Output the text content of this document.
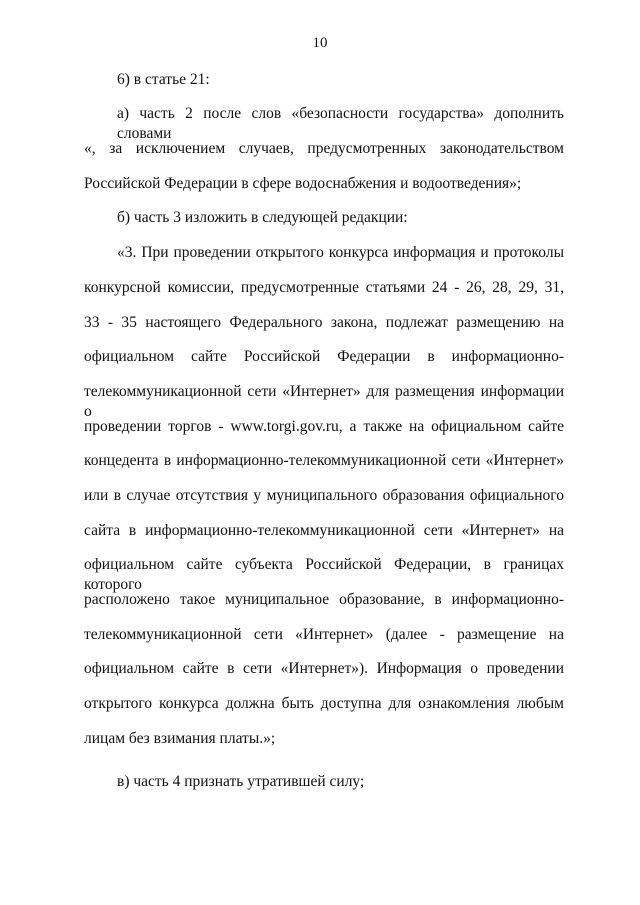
10
6) в статье 21:
а) часть 2 после слов «безопасности государства» дополнить словами
«, за исключением случаев, предусмотренных законодательством
Российской Федерации в сфере водоснабжения и водоотведения»;
б) часть 3 изложить в следующей редакции:
«3. При проведении открытого конкурса информация и протоколы
конкурсной комиссии, предусмотренные статьями 24 - 26, 28, 29, 31,
33 - 35 настоящего Федерального закона, подлежат размещению на
официальном сайте Российской Федерации в информационно-
телекоммуникационной сети «Интернет» для размещения информации о
проведении торгов - www.torgi.gov.ru, а также на официальном сайте
концедента в информационно-телекоммуникационной сети «Интернет»
или в случае отсутствия у муниципального образования официального
сайта в информационно-телекоммуникационной сети «Интернет» на
официальном сайте субъекта Российской Федерации, в границах которого
расположено такое муниципальное образование, в информационно-
телекоммуникационной сети «Интернет» (далее - размещение на
официальном сайте в сети «Интернет»). Информация о проведении
открытого конкурса должна быть доступна для ознакомления любым
лицам без взимания платы.»;
в) часть 4 признать утратившей силу;
